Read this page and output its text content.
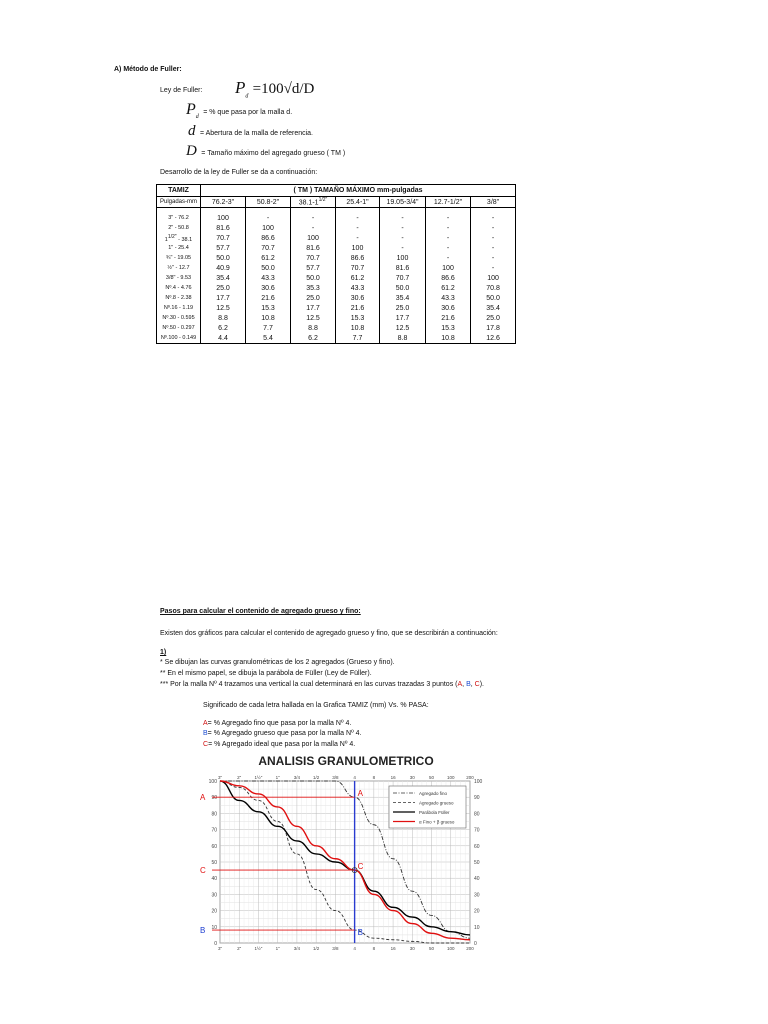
A) Método de Fuller:
Ley de Fuller: $P_d =100√d/D$
$P_d$ = % que pasa por la malla d.
d = Abertura de la malla de referencia.
D = Tamaño máximo del agregado grueso ( TM )
Desarrollo de la ley de Fuller se da a continuación:
TAMIZ	( TM ) TAMAÑO MÁXIMO mm-pulgadas						
Pulgadas-mm	76.2-3"	50.8-2"	$38.1-1^{1/2"}$	25.4-1"	19.05-3/4"	12.7-1/2"	3/8"
3" - 76.2	100	-	-	-	-	-	-
2" - 50.8	81.6	100	-	-	-	-	-
11/2" - 38.1	70.7	86.6	100	-	-	-	-
1" - 25.4	57.7	70.7	81.6	100	-	-	-
¾" - 19.05	50.0	61.2	70.7	86.6	100	-	-
½" - 12.7	40.9	50.0	57.7	70.7	81.6	100	-
3/8" - 9.53	35.4	43.3	50.0	61.2	70.7	86.6	100
Nº.4 - 4.76	25.0	30.6	35.3	43.3	50.0	61.2	70.8
Nº.8 - 2.38	17.7	21.6	25.0	30.6	35.4	43.3	50.0
Nº.16 - 1.19	12.5	15.3	17.7	21.6	25.0	30.6	35.4
Nº.30 - 0.595	8.8	10.8	12.5	15.3	17.7	21.6	25.0
Nº.50 - 0.297	6.2	7.7	8.8	10.8	12.5	15.3	17.8
Nº.100 - 0.149	4.4	5.4	6.2	7.7	8.8	10.8	12.6
Pasos para calcular el contenido de agregado grueso y fino:
Existen dos gráficos para calcular el contenido de agregado grueso y fino, que se describirán a continuación:
1)
* Se dibujan las curvas granulométricas de los 2 agregados (Grueso y fino).
** En el mismo papel, se dibuja la parábola de Füller (Ley de Füller).
*** Por la malla Nº 4 trazamos una vertical la cual determinará en las curvas trazadas 3 puntos (A, B, C).
Significado de cada letra hallada en la Grafica TAMIZ (mm) Vs. % PASA:
A= % Agregado fino que pasa por la malla Nº 4.
B= % Agregado grueso que pasa por la malla Nº 4.
C= % Agregado ideal que pasa por la malla Nº 4.
ANALISIS GRANULOMETRICO
100	100
90	90
80	80
70	70
60	60
50	50
40	40
30	30
20	20
10	10
0	0
3"	2"	1½"	1"	3/4	1/2	3/8	4	8	16	30	50	100	200
3"	2"	1½"	1"	3/4	1/2	3/8	4	8	16	30	50	100	200
A	A
C	C
B	B
Agregado fino
Agregado grueso
Parábola Füller
α Fino + β grueso
